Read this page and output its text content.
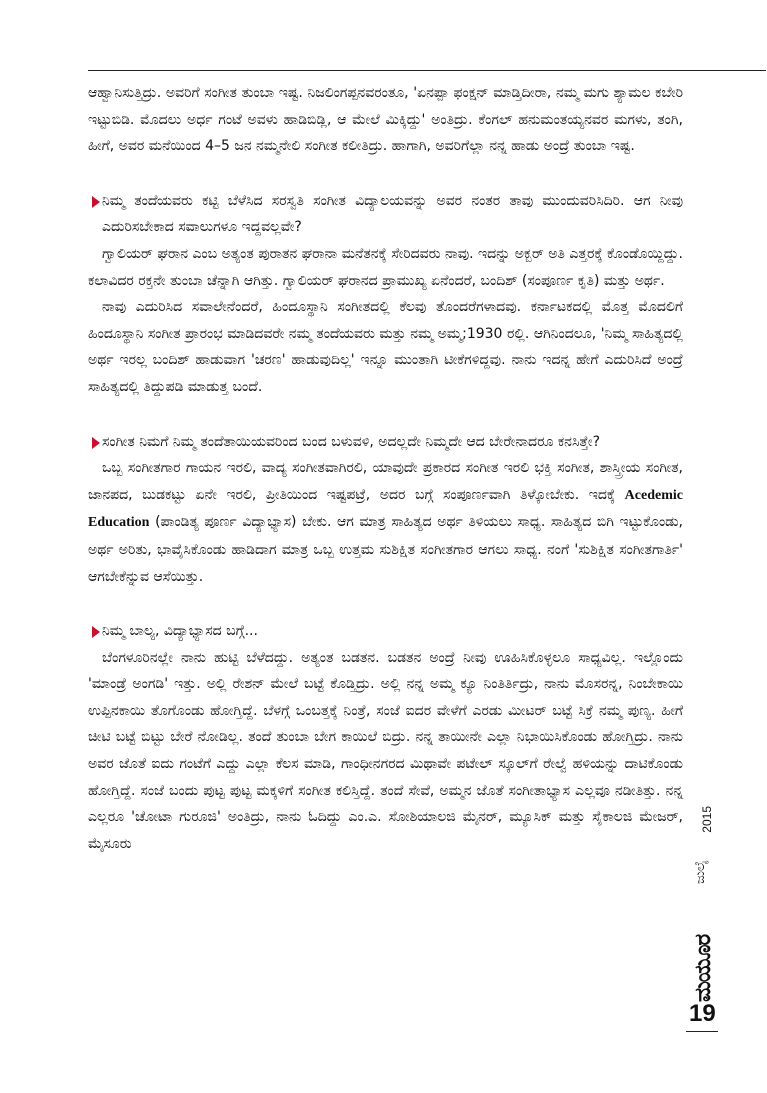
ಆಹ್ವಾನಿಸುತ್ತಿದ್ರು. ಅವರಿಗೆ ಸಂಗೀತ ತುಂಬಾ ಇಷ್ಟ. ನಿಜಲಿಂಗಪ್ಪನವರಂತೂ, 'ಏನಪ್ಪಾ ಫಂಕ್ಷನ್ ಮಾಡ್ತಿದೀರಾ, ನಮ್ಮ ಮಗು ಶ್ಯಾಮಲ ಕಬೇರಿ ಇಟ್ಟುಬಿಡಿ. ಮೊದಲು ಅರ್ಧ ಗಂಟೆ ಅವಳು ಹಾಡಿಬಿಡ್ಲಿ, ಆ ಮೇಲೆ ಮಿಕ್ಕಿದ್ದು' ಅಂತಿದ್ರು. ಕೆಂಗಲ್ ಹನುಮಂತಯ್ಯನವರ ಮಗಳು, ತಂಗಿ, ಹೀಗೆ, ಅವರ ಮನೆಯಿಂದ 4–5 ಜನ ನಮ್ಮನೇಲಿ ಸಂಗೀತ ಕಲೀತಿದ್ರು. ಹಾಗಾಗಿ, ಅವರಿಗೆಲ್ಲಾ ನನ್ನ ಹಾಡು ಅಂದ್ರೆ ತುಂಬಾ ಇಷ್ಟ.

ನಿಮ್ಮ ತಂದೆಯವರು ಕಟ್ಟಿ ಬೆಳೆಸಿದ ಸರಸ್ವತಿ ಸಂಗೀತ ವಿದ್ಯಾಲಯವನ್ನು ಅವರ ನಂತರ ತಾವು ಮುಂದುವರಿಸಿದಿರಿ. ಆಗ ನೀವು ಎದುರಿಸಬೇಕಾದ ಸವಾಲುಗಳೂ ಇದ್ದವಲ್ಲವೇ?

ಗ್ವಾಲಿಯರ್ ಘರಾನ ಎಂಬ ಅತ್ಯಂತ ಪುರಾತನ ಘರಾನಾ ಮನೆತನಕ್ಕೆ ಸೇರಿದವರು ನಾವು. ಇದನ್ನು ಅಕ್ಬರ್ ಅತಿ ಎತ್ತರಕ್ಕೆ ಕೊಂಡೊಯ್ದಿದ್ದು. ಕಲಾವಿದರ ರಕ್ತನೇ ತುಂಬಾ ಚೆನ್ನಾಗಿ ಆಗಿತ್ತು. ಗ್ವಾಲಿಯರ್ ಘರಾನದ ಪ್ರಾಮುಖ್ಯ ಏನೆಂದರೆ, ಬಂದಿಶ್ (ಸಂಪೂರ್ಣ ಕೃತಿ) ಮತ್ತು ಅರ್ಥ.

ನಾವು ಎದುರಿಸಿದ ಸವಾಲೇನೆಂದರೆ, ಹಿಂದೂಸ್ಥಾನಿ ಸಂಗೀತದಲ್ಲಿ ಕೆಲವು ತೊಂದರೆಗಳಾದವು. ಕರ್ನಾಟಕದಲ್ಲಿ ಮೊತ್ತ ಮೊದಲಿಗೆ ಹಿಂದೂಸ್ಥಾನಿ ಸಂಗೀತ ಪ್ರಾರಂಭ ಮಾಡಿದವರೇ ನಮ್ಮ ತಂದೆಯವರು ಮತ್ತು ನಮ್ಮ ಅಮ್ಮ;1930 ರಲ್ಲಿ. ಆಗಿನಿಂದಲೂ, 'ನಿಮ್ಮ ಸಾಹಿತ್ಯದಲ್ಲಿ ಅರ್ಥ ಇರಲ್ಲ ಬಂದಿಶ್ ಹಾಡುವಾಗ 'ಚರಣ' ಹಾಡುವುದಿಲ್ಲ' ಇನ್ನೂ ಮುಂತಾಗಿ ಟೀಕೆಗಳಿದ್ದವು. ನಾನು ಇದನ್ನ ಹೇಗೆ ಎದುರಿಸಿದೆ ಅಂದ್ರೆ ಸಾಹಿತ್ಯದಲ್ಲಿ ತಿದ್ದುಪಡಿ ಮಾಡುತ್ತ ಬಂದೆ.

ಸಂಗೀತ ನಿಮಗೆ ನಿಮ್ಮ ತಂದೆತಾಯಿಯವರಿಂದ ಬಂದ ಬಳುವಳಿ, ಅದಲ್ಲದೇ ನಿಮ್ಮದೇ ಆದ ಬೇರೇನಾದರೂ ಕನಸಿತ್ತೇ?

ಒಬ್ಬ ಸಂಗೀತಗಾರ ಗಾಯನ ಇರಲಿ, ವಾದ್ಯ ಸಂಗೀತವಾಗಿರಲಿ, ಯಾವುದೇ ಪ್ರಕಾರದ ಸಂಗೀತ ಇರಲಿ ಭಕ್ತಿ ಸಂಗೀತ, ಶಾಸ್ತ್ರೀಯ ಸಂಗೀತ, ಜಾನಪದ, ಬುಡಕಟ್ಟು ಏನೇ ಇರಲಿ, ಪ್ರೀತಿಯಿಂದ ಇಷ್ಟಪಟ್ರೆ, ಅದರ ಬಗ್ಗೆ ಸಂಪೂರ್ಣವಾಗಿ ತಿಳ್ಕೋಬೇಕು. ಇದಕ್ಕೆ Acedemic Education (ಪಾಂಡಿತ್ಯ ಪೂರ್ಣ ವಿದ್ಯಾಭ್ಯಾಸ) ಬೇಕು. ಆಗ ಮಾತ್ರ ಸಾಹಿತ್ಯದ ಅರ್ಥ ತಿಳಿಯಲು ಸಾಧ್ಯ. ಸಾಹಿತ್ಯದ ಬಿಗಿ ಇಟ್ಟುಕೊಂಡು, ಅರ್ಥ ಅರಿತು, ಭಾವೈಸಿಕೊಂಡು ಹಾಡಿದಾಗ ಮಾತ್ರ ಒಬ್ಬ ಉತ್ತಮ ಸುಶಿಕ್ಷಿತ ಸಂಗೀತಗಾರ ಆಗಲು ಸಾಧ್ಯ. ನಂಗೆ 'ಸುಶಿಕ್ಷಿತ ಸಂಗೀತಗಾರ್ತಿ' ಆಗಬೇಕೆನ್ನುವ ಆಸೆಯಿತ್ತು.

ನಿಮ್ಮ ಬಾಲ್ಯ, ವಿದ್ಯಾಭ್ಯಾಸದ ಬಗ್ಗೆ...

ಬೆಂಗಳೂರಿನಲ್ಲೇ ನಾನು ಹುಟ್ಟಿ ಬೆಳೆದದ್ದು. ಅತ್ಯಂತ ಬಡತನ. ಬಡತನ ಅಂದ್ರೆ ನೀವು ಊಹಿಸಿಕೊಳ್ಳಲೂ ಸಾಧ್ಯವಿಲ್ಲ. ಇಲ್ಲೊಂದು 'ಮಾಂಡ್ರೆ ಅಂಗಡಿ' ಇತ್ತು. ಅಲ್ಲಿ ರೇಶನ್ ಮೇಲೆ ಬಟ್ಟೆ ಕೊಡ್ತಿದ್ರು. ಅಲ್ಲಿ ನನ್ನ ಅಮ್ಮ ಕ್ಯೂ ನಿಂತಿರ್ತಿದ್ರು, ನಾನು ಮೊಸರನ್ನ, ನಿಂಬೇಕಾಯಿ ಉಪ್ಪಿನಕಾಯಿ ತೊಗೊಂಡು ಹೋಗ್ತಿದ್ದೆ. ಬೆಳಗ್ಗೆ ಒಂಬತ್ತಕ್ಕೆ ನಿಂತ್ರೆ, ಸಂಜೆ ಐದರ ವೇಳೆಗೆ ಎರಡು ಮೀಟರ್ ಬಟ್ಟೆ ಸಿಕ್ರೆ ನಮ್ಮ ಪುಣ್ಯ. ಹೀಗೆ ಚೀಟಿ ಬಟ್ಟೆ ಬಿಟ್ಟು ಬೇರೆ ನೋಡಿಲ್ಲ. ತಂದೆ ತುಂಬಾ ಬೇಗ ಕಾಯಿಲೆ ಬಿದ್ರು. ನನ್ನ ತಾಯೀನೇ ಎಲ್ಲಾ ನಿಭಾಯಿಸಿಕೊಂಡು ಹೋಗ್ತಿದ್ರು. ನಾನು ಅವರ ಜೊತೆ ಐದು ಗಂಟೆಗೆ ಎದ್ದು ಎಲ್ಲಾ ಕೆಲಸ ಮಾಡಿ, ಗಾಂಧೀನಗರದ ಮಿಥಾವೇ ಪಟೇಲ್ ಸ್ಕೂಲ್‌ಗೆ ರೇಲ್ವೆ ಹಳಿಯನ್ನು ದಾಟಿಕೊಂಡು ಹೋಗ್ತಿದ್ದೆ. ಸಂಜೆ ಬಂದು ಪುಟ್ಟ ಪುಟ್ಟ ಮಕ್ಕಳಿಗೆ ಸಂಗೀತ ಕಲಿಸ್ತಿದ್ದೆ. ತಂದೆ ಸೇವೆ, ಅಮ್ಮನ ಜೊತೆ ಸಂಗೀತಾಭ್ಯಾಸ ಎಲ್ಲವೂ ನಡೀತಿತ್ತು. ನನ್ನ ಎಲ್ಲರೂ 'ಚೋಟಾ ಗುರೂಜಿ' ಅಂತಿದ್ರು, ನಾನು ಓದಿದ್ದು ಎಂ.ಎ. ಸೋಶಿಯಾಲಜಿ ಮೈನರ್, ಮ್ಯೂಸಿಕ್ ಮತ್ತು ಸೈಕಾಲಜಿ ಮೇಜರ್, ಮೈಸೂರು

2015
ಜುಲೈ
ಮಯೂರ
19
